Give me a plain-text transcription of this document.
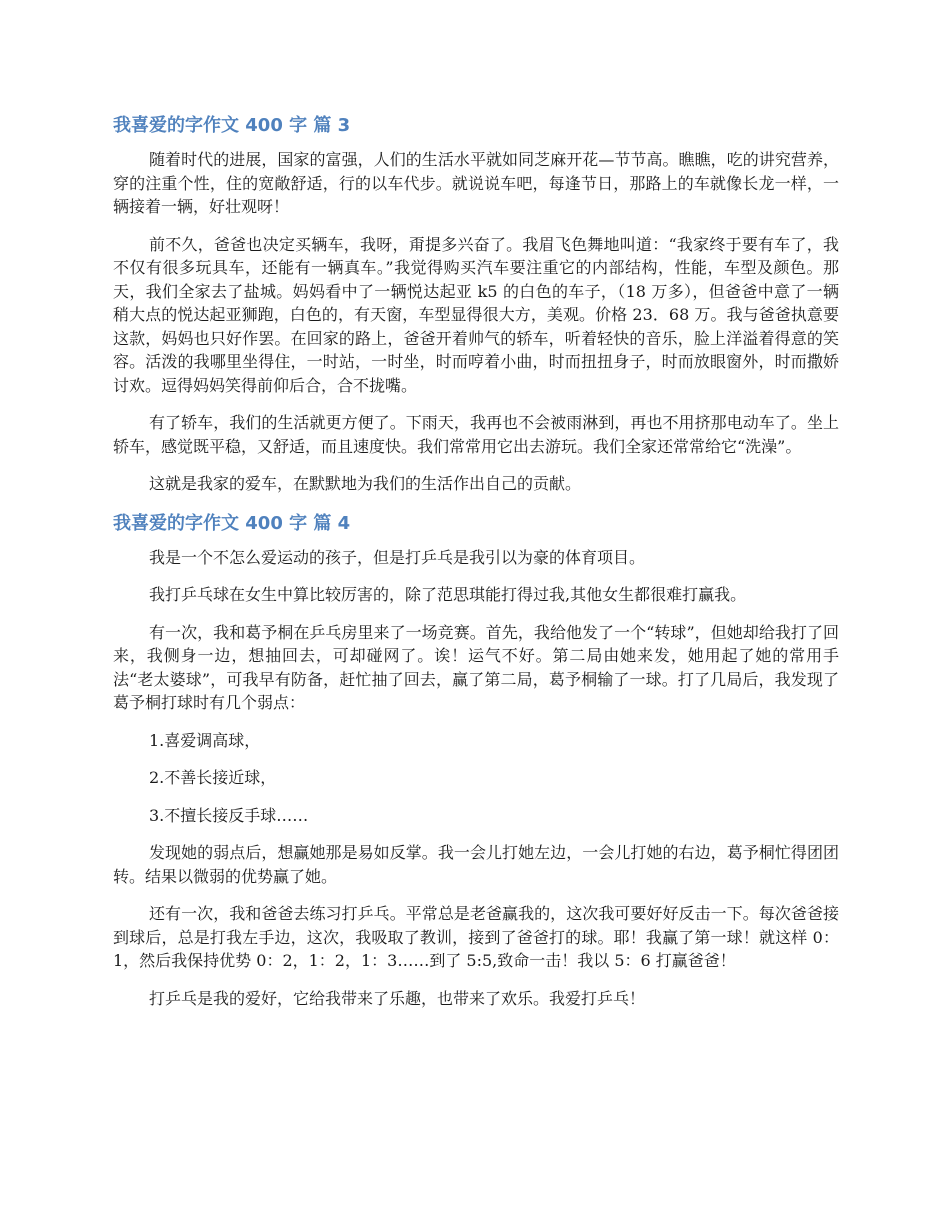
我喜爱的字作文 400 字 篇 3

随着时代的进展，国家的富强，人们的生活水平就如同芝麻开花—节节高。瞧瞧，吃的讲究营养，穿的注重个性，住的宽敞舒适，行的以车代步。就说说车吧，每逢节日，那路上的车就像长龙一样，一辆接着一辆，好壮观呀！

前不久，爸爸也决定买辆车，我呀，甭提多兴奋了。我眉飞色舞地叫道：“我家终于要有车了，我不仅有很多玩具车，还能有一辆真车。”我觉得购买汽车要注重它的内部结构，性能，车型及颜色。那天，我们全家去了盐城。妈妈看中了一辆悦达起亚 k5 的白色的车子，（18 万多），但爸爸中意了一辆稍大点的悦达起亚狮跑，白色的，有天窗，车型显得很大方，美观。价格 23．68 万。我与爸爸执意要这款，妈妈也只好作罢。在回家的路上，爸爸开着帅气的轿车，听着轻快的音乐，脸上洋溢着得意的笑容。活泼的我哪里坐得住，一时站，一时坐，时而哼着小曲，时而扭扭身子，时而放眼窗外，时而撒娇讨欢。逗得妈妈笑得前仰后合，合不拢嘴。

有了轿车，我们的生活就更方便了。下雨天，我再也不会被雨淋到，再也不用挤那电动车了。坐上轿车，感觉既平稳，又舒适，而且速度快。我们常常用它出去游玩。我们全家还常常给它“洗澡”。

这就是我家的爱车，在默默地为我们的生活作出自己的贡献。

我喜爱的字作文 400 字 篇 4

我是一个不怎么爱运动的孩子，但是打乒乓是我引以为豪的体育项目。

我打乒乓球在女生中算比较厉害的，除了范思琪能打得过我,其他女生都很难打赢我。

有一次，我和葛予桐在乒乓房里来了一场竞赛。首先，我给他发了一个“转球”，但她却给我打了回来，我侧身一边，想抽回去，可却碰网了。诶！运气不好。第二局由她来发，她用起了她的常用手法“老太婆球”，可我早有防备，赶忙抽了回去，赢了第二局，葛予桐输了一球。打了几局后，我发现了葛予桐打球时有几个弱点：

1.喜爱调高球，

2.不善长接近球，

3.不擅长接反手球……

发现她的弱点后，想赢她那是易如反掌。我一会儿打她左边，一会儿打她的右边，葛予桐忙得团团转。结果以微弱的优势赢了她。

还有一次，我和爸爸去练习打乒乓。平常总是老爸赢我的，这次我可要好好反击一下。每次爸爸接到球后，总是打我左手边，这次，我吸取了教训，接到了爸爸打的球。耶！我赢了第一球！就这样 0：1，然后我保持优势 0：2，1：2，1：3……到了 5:5,致命一击！我以 5：6 打赢爸爸！

打乒乓是我的爱好，它给我带来了乐趣，也带来了欢乐。我爱打乒乓！
